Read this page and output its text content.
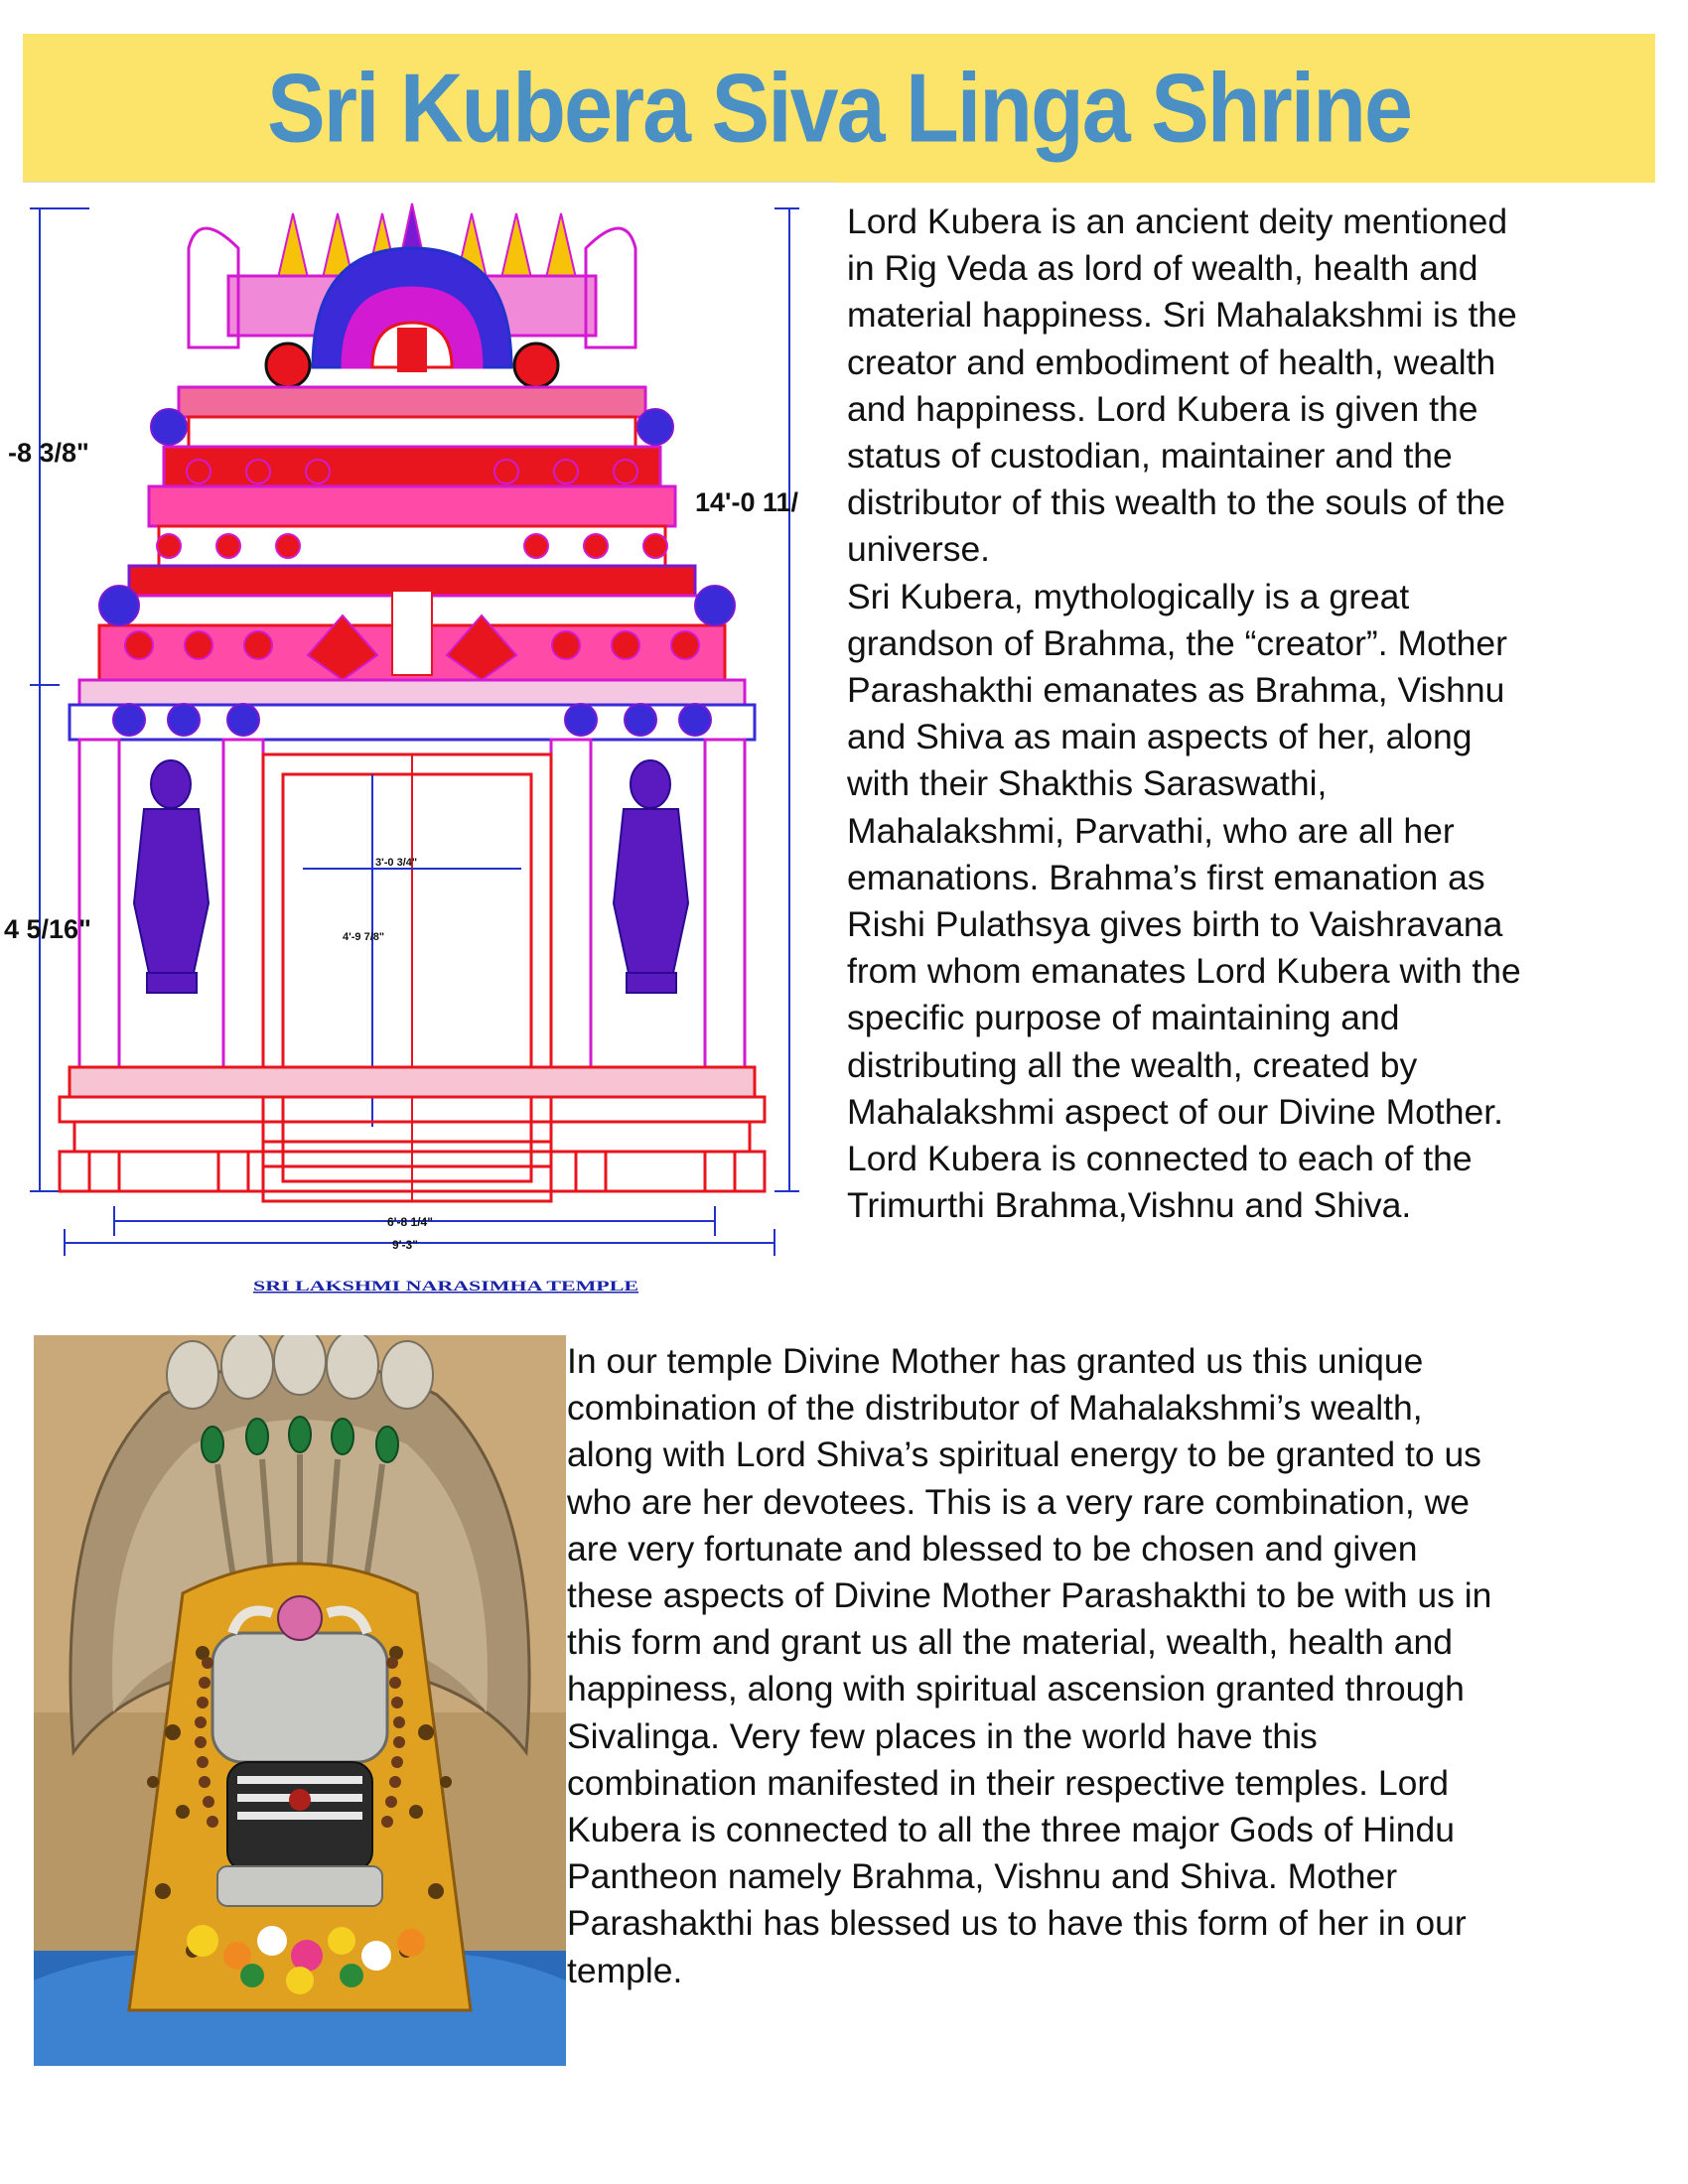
Sri Kubera Siva Linga Shrine
-8 3/8"
4 5/16"
14'-0 11/
3'-0 3/4"
4'-9 7/8"
6'-8 1/4"
9'-3"
SRI LAKSHMI NARASIMHA TEMPLE

Lord Kubera is an ancient deity mentioned
in Rig Veda as lord of wealth, health and
material happiness. Sri Mahalakshmi is the
creator and embodiment of health, wealth
and happiness. Lord Kubera is given the
status of custodian, maintainer and the
distributor of this wealth to the souls of the
universe.
Sri Kubera, mythologically is a great
grandson of Brahma, the “creator”. Mother
Parashakthi emanates as Brahma, Vishnu
and Shiva as main aspects of her, along
with their Shakthis Saraswathi,
Mahalakshmi, Parvathi, who are all her
emanations. Brahma’s first emanation as
Rishi Pulathsya gives birth to Vaishravana
from whom emanates Lord Kubera with the
specific purpose of maintaining and
distributing all the wealth, created by
Mahalakshmi aspect of our Divine Mother.
Lord Kubera is connected to each of the
Trimurthi Brahma,Vishnu and Shiva.

In our temple Divine Mother has granted us this unique
combination of the distributor of Mahalakshmi’s wealth,
along with Lord Shiva’s spiritual energy to be granted to us
who are her devotees. This is a very rare combination, we
are very fortunate and blessed to be chosen and given
these aspects of Divine Mother Parashakthi to be with us in
this form and grant us all the material, wealth, health and
happiness, along with spiritual ascension granted through
Sivalinga. Very few places in the world have this
combination manifested in their respective temples. Lord
Kubera is connected to all the three major Gods of Hindu
Pantheon namely Brahma, Vishnu and Shiva. Mother
Parashakthi has blessed us to have this form of her in our
temple.
